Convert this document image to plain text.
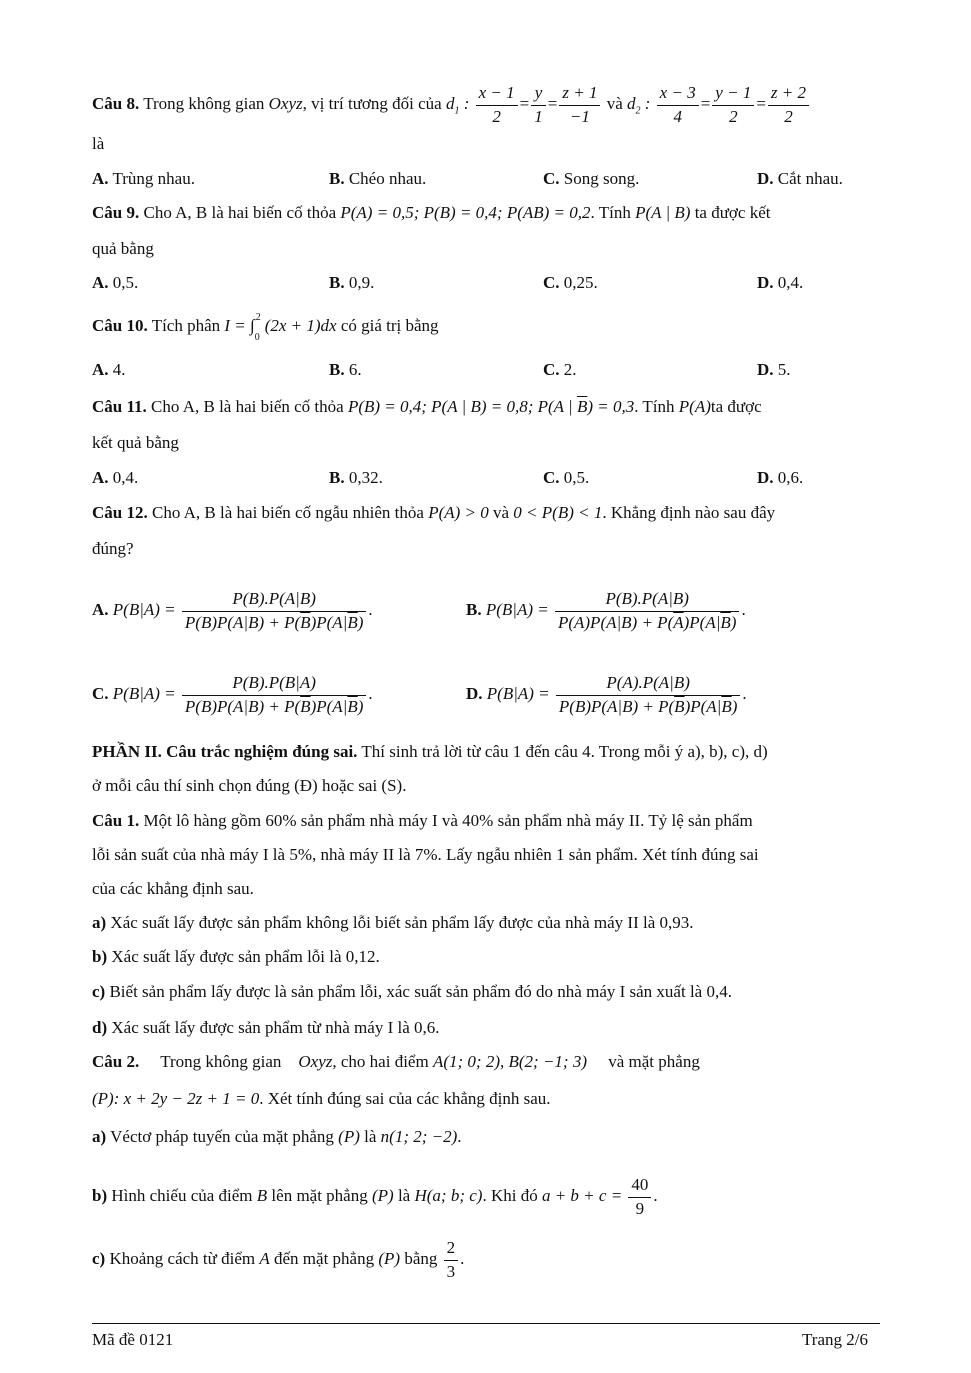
Câu 8. Trong không gian Oxyz, vị trí tương đối của $d_1$ : $\frac{x - 1}{2} = \frac{y}{1} = \frac{z + 1}{-1}$ và $d_2$ : $\frac{x - 3}{4} = \frac{y - 1}{2} = \frac{z + 2}{2}$
là
A. Trùng nhau.	B. Chéo nhau.	C. Song song.	D. Cắt nhau.
Câu 9. Cho A, B là hai biến cố thỏa P(A) = 0,5; P(B) = 0,4; P(AB) = 0,2. Tính P(A | B) ta được kết
quả bằng
A. 0,5.	B. 0,9.	C. 0,25.	D. 0,4.
Câu 10. Tích phân I = ∫ 2
0
(2x + 1)dx có giá trị bằng
A. 4.	B. 6.	C. 2.	D. 5.
Câu 11. Cho A, B là hai biến cố thỏa P(B) = 0,4; P(A | B) = 0,8; P(A | $\overline{B}) = 0,3$. Tính P(A)ta được
kết quả bằng
A. 0,4.	B. 0,32.	C. 0,5.	D. 0,6.
Câu 12. Cho A, B là hai biến cố ngẫu nhiên thỏa P(A) > 0 và 0 < P(B) < 1. Khẳng định nào sau đây
đúng?
A. $P(B|A) = \frac{P(B).P(A|B)}{P(B)P(A|B) + P(\overline{B})P(A|\overline{B})}$ .	B. $P(B|A) = \frac{P(B).P(A|B)}{P(A)P(A|B) + P(\overline{A})P(A|\overline{B})}$ .
C. $P(B|A) = \frac{P(B).P(B|A)}{P(B)P(A|B) + P(\overline{B})P(A|\overline{B})}$ .	D. $P(B|A) = \frac{P(A).P(A|B)}{P(B)P(A|B) + P(\overline{B})P(A|\overline{B})}$ .
PHẦN II. Câu trắc nghiệm đúng sai. Thí sinh trả lời từ câu 1 đến câu 4. Trong mỗi ý a), b), c), d)
ở mỗi câu thí sinh chọn đúng (Đ) hoặc sai (S).
Câu 1. Một lô hàng gồm 60% sản phẩm nhà máy I và 40% sản phẩm nhà máy II. Tỷ lệ sản phẩm
lỗi sản suất của nhà máy I là 5%, nhà máy II là 7%. Lấy ngẫu nhiên 1 sản phẩm. Xét tính đúng sai
của các khẳng định sau.
a) Xác suất lấy được sản phẩm không lỗi biết sản phẩm lấy được của nhà máy II là 0,93.
b) Xác suất lấy được sản phẩm lỗi là 0,12.
c) Biết sản phẩm lấy được là sản phẩm lỗi, xác suất sản phẩm đó do nhà máy I sản xuất là 0,4.
d) Xác suất lấy được sản phẩm từ nhà máy I là 0,6.
Câu 2. Trong không gian Oxyz, cho hai điểm A(1; 0; 2), B(2; −1; 3) và mặt phẳng
(P): x + 2y − 2z + 1 = 0. Xét tính đúng sai của các khẳng định sau.
a) Véctơ pháp tuyến của mặt phẳng (P) là n(1; 2; −2).
b) Hình chiếu của điểm B lên mặt phẳng (P) là H(a; b; c). Khi đó $a + b + c = \frac{40}{9}$ .
c) Khoảng cách từ điểm A đến mặt phẳng (P) bằng $\frac{2}{3}$ .
Mã đề 0121	Trang 2/6
